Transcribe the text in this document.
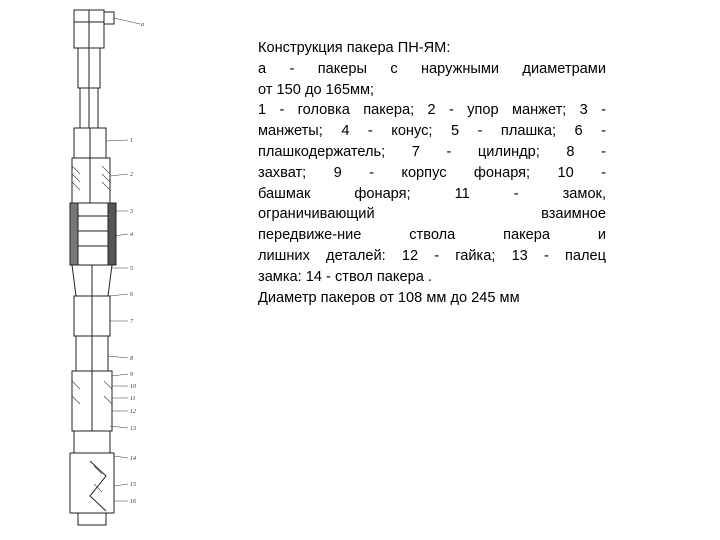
а
1
2
3
4
5
6
7
8
9
10
11
12
13
14
15
16
Конструкция пакера ПН-ЯМ:
а - пакеры с наружными диаметрами
от 150 до 165мм;
1 - головка пакера; 2 - упор манжет; 3 -
манжеты; 4 - конус; 5 - плашка; 6 -
плашкодержатель; 7 - цилиндр; 8 -
захват; 9 - корпус фонаря; 10 -
башмак фонаря; 11 - замок,
ограничивающий взаимное
передвиже-ние ствола пакера и
лишних деталей: 12 - гайка; 13 - палец
замка: 14 - ствол пакера .
Диаметр пакеров от 108 мм до 245 мм
